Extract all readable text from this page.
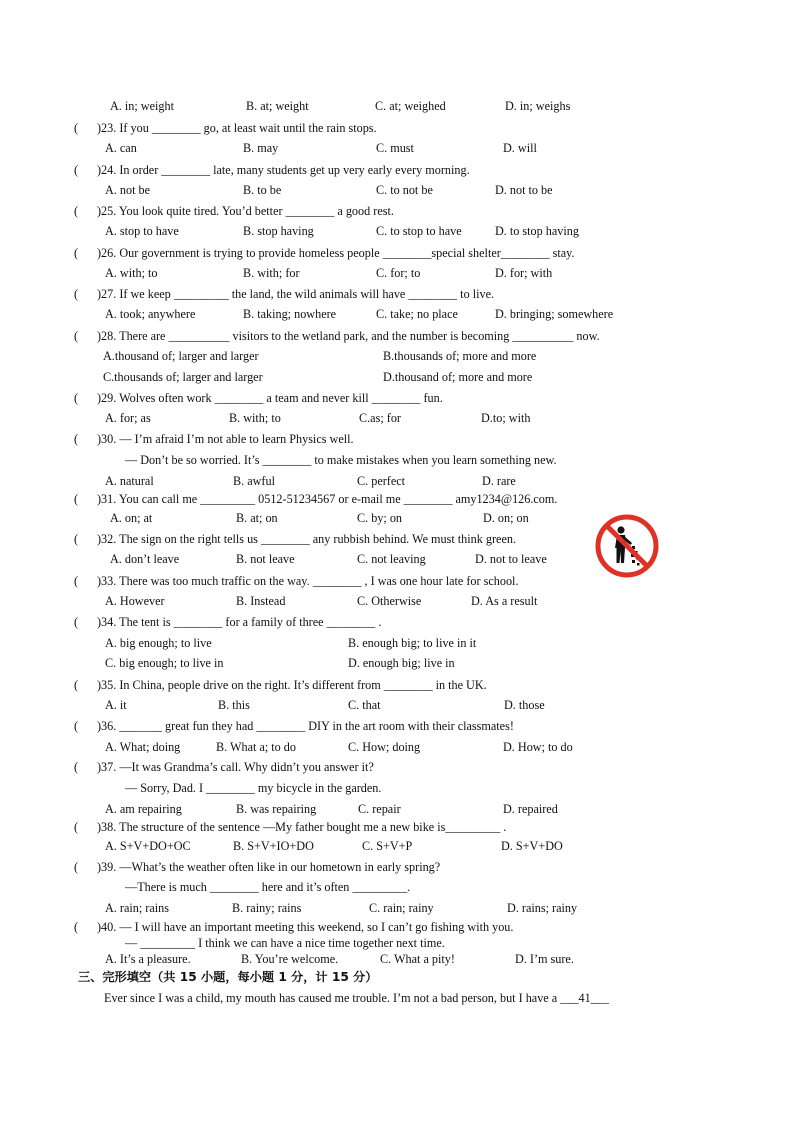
A. in; weight	B. at; weight	C. at; weighed	D. in; weighs
( )23. If you ________ go, at least wait until the rain stops.
A. can	B. may	C. must	D. will
( )24. In order ________ late, many students get up very early every morning.
A. not be	B. to be	C. to not be	D. not to be
( )25. You look quite tired. You’d better ________ a good rest.
A. stop to have	B. stop having	C. to stop to have	D. to stop having
( )26. Our government is trying to provide homeless people ________special shelter________ stay.
A. with; to	B. with; for	C. for; to	D. for; with
( )27. If we keep _________ the land, the wild animals will have ________ to live.
A. took; anywhere	B. taking; nowhere	C. take; no place	D. bringing; somewhere
( )28. There are __________ visitors to the wetland park, and the number is becoming __________ now.
A.thousand of; larger and larger	B.thousands of; more and more
C.thousands of; larger and larger	D.thousand of; more and more
( )29. Wolves often work ________ a team and never kill ________ fun.
A. for; as	B. with; to	C.as; for	D.to; with
( )30. — I’m afraid I’m not able to learn Physics well.
— Don’t be so worried. It’s ________ to make mistakes when you learn something new.
A. natural	B. awful	C. perfect	D. rare
( )31. You can call me _________ 0512-51234567 or e-mail me ________ amy1234@126.com.
A. on; at	B. at; on	C. by; on	D. on; on
( )32. The sign on the right tells us ________ any rubbish behind. We must think green.
A. don’t leave	B. not leave	C. not leaving	D. not to leave
( )33. There was too much traffic on the way. ________ , I was one hour late for school.
A. However	B. Instead	C. Otherwise	D. As a result
( )34. The tent is ________ for a family of three ________ .
A. big enough; to live	B. enough big; to live in it
C. big enough; to live in	D. enough big; live in
( )35. In China, people drive on the right. It’s different from ________ in the UK.
A. it	B. this	C. that	D. those
( )36. _______ great fun they had ________ DIY in the art room with their classmates!
A. What; doing	B. What a; to do	C. How; doing	D. How; to do
( )37. —It was Grandma’s call. Why didn’t you answer it?
— Sorry, Dad. I ________ my bicycle in the garden.
A. am repairing	B. was repairing	C. repair	D. repaired
( )38. The structure of the sentence —My father bought me a new bike is_________ .
A. S+V+DO+OC	B. S+V+IO+DO	C. S+V+P	D. S+V+DO
( )39. —What’s the weather often like in our hometown in early spring?
—There is much ________ here and it’s often _________.
A. rain; rains	B. rainy; rains	C. rain; rainy	D. rains; rainy
( )40. — I will have an important meeting this weekend, so I can’t go fishing with you.
— _________ I think we can have a nice time together next time.
A. It’s a pleasure.	B. You’re welcome.	C. What a pity!	D. I’m sure.
三、完形填空（共 15 小题，每小题 1 分，计 15 分）
Ever since I was a child, my mouth has caused me trouble. I’m not a bad person, but I have a ___41___
